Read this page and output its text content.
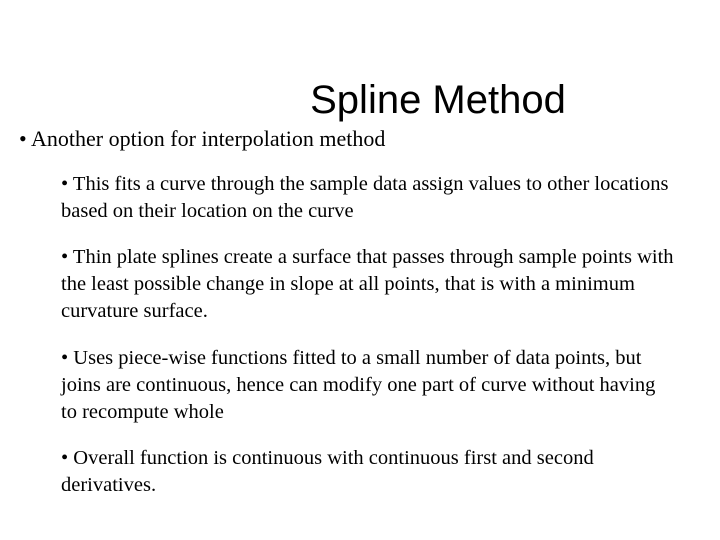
Spline Method

• Another option for interpolation method

• This fits a curve through the sample data assign values to other locations based on their location on the curve

• Thin plate splines create a surface that passes through sample points with the least possible change in slope at all points, that is with a minimum curvature surface.

• Uses piece-wise functions fitted to a small number of data points, but joins are continuous, hence can modify one part of curve without having to recompute whole

• Overall function is continuous with continuous first and second derivatives.
